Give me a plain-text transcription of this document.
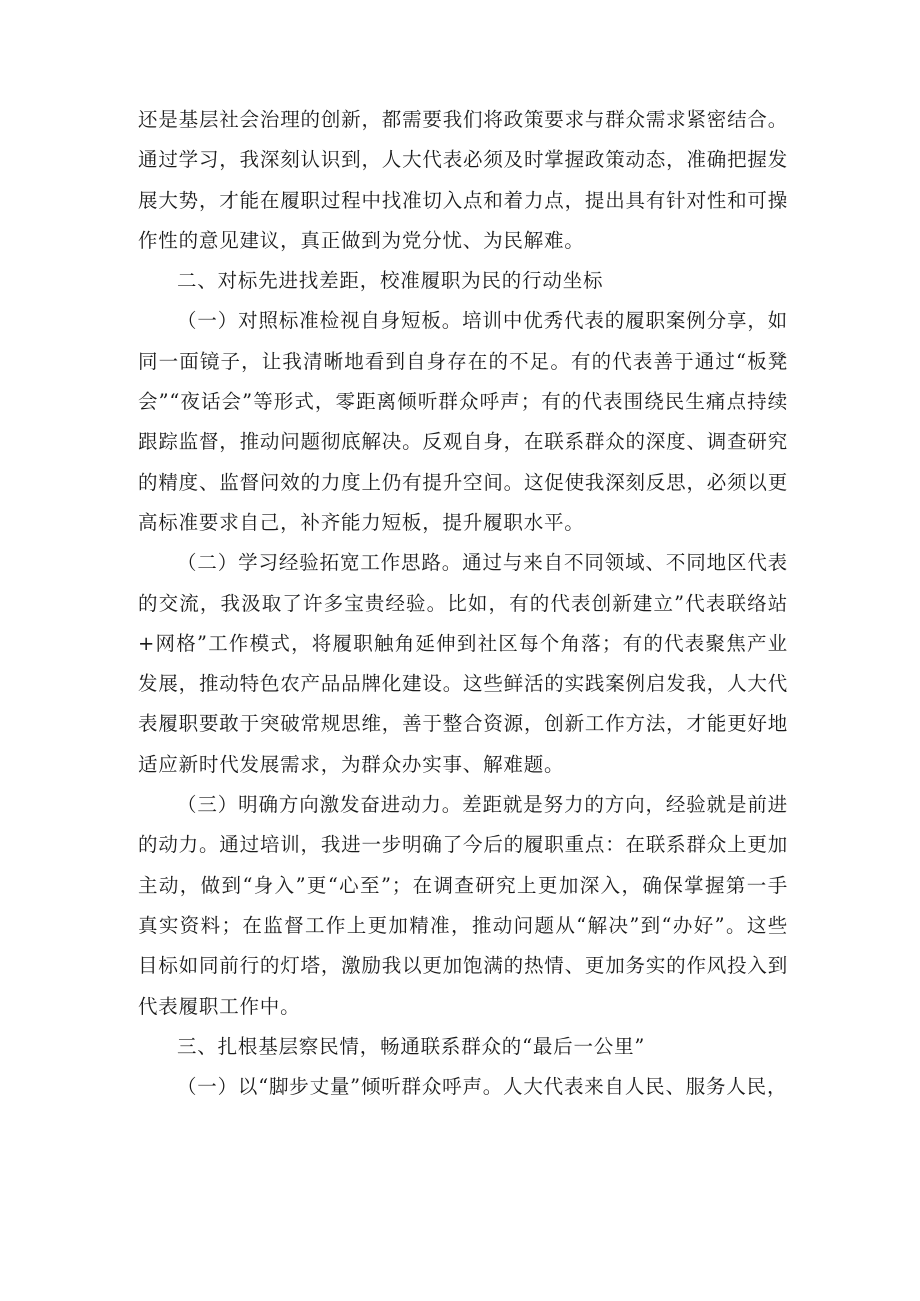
还是基层社会治理的创新，都需要我们将政策要求与群众需求紧密结合。通过学习，我深刻认识到，人大代表必须及时掌握政策动态，准确把握发展大势，才能在履职过程中找准切入点和着力点，提出具有针对性和可操作性的意见建议，真正做到为党分忧、为民解难。

二、对标先进找差距，校准履职为民的行动坐标

（一）对照标准检视自身短板。培训中优秀代表的履职案例分享，如同一面镜子，让我清晰地看到自身存在的不足。有的代表善于通过“板凳会”“夜话会”等形式，零距离倾听群众呼声；有的代表围绕民生痛点持续跟踪监督，推动问题彻底解决。反观自身，在联系群众的深度、调查研究的精度、监督问效的力度上仍有提升空间。这促使我深刻反思，必须以更高标准要求自己，补齐能力短板，提升履职水平。

（二）学习经验拓宽工作思路。通过与来自不同领域、不同地区代表的交流，我汲取了许多宝贵经验。比如，有的代表创新建立”代表联络站+网格”工作模式，将履职触角延伸到社区每个角落；有的代表聚焦产业发展，推动特色农产品品牌化建设。这些鲜活的实践案例启发我，人大代表履职要敢于突破常规思维，善于整合资源，创新工作方法，才能更好地适应新时代发展需求，为群众办实事、解难题。

（三）明确方向激发奋进动力。差距就是努力的方向，经验就是前进的动力。通过培训，我进一步明确了今后的履职重点：在联系群众上更加主动，做到“身入”更“心至”；在调查研究上更加深入，确保掌握第一手真实资料；在监督工作上更加精准，推动问题从“解决”到“办好”。这些目标如同前行的灯塔，激励我以更加饱满的热情、更加务实的作风投入到代表履职工作中。

三、扎根基层察民情，畅通联系群众的“最后一公里”

（一）以“脚步丈量”倾听群众呼声。人大代表来自人民、服务人民，
